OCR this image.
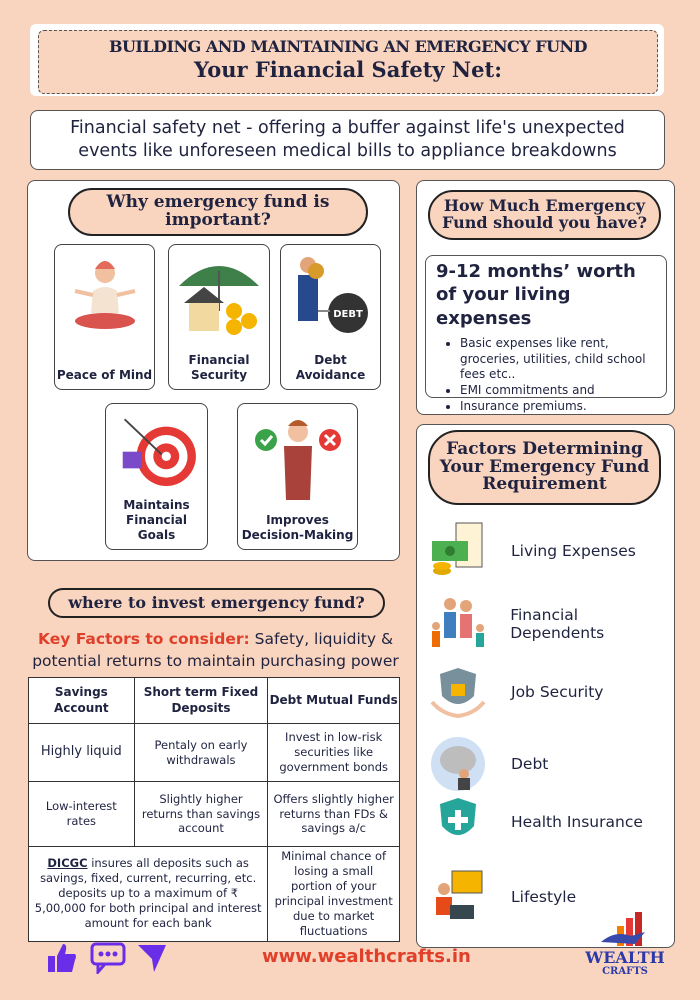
BUILDING AND MAINTAINING AN EMERGENCY FUND
Your Financial Safety Net:
Financial safety net - offering a buffer against life's unexpected events like unforeseen medical bills to appliance breakdowns
Why emergency fund is important?
Peace of Mind
Financial Security
DEBT
Debt Avoidance
Maintains Financial Goals
Improves Decision-Making
How Much Emergency Fund should you have?
9-12 months’ worth of your living expenses
• Basic expenses like rent, groceries, utilities, child school fees etc..
• EMI commitments and
• Insurance premiums.
Factors Determining Your Emergency Fund Requirement
Living Expenses
Financial Dependents
Job Security
Debt
Health Insurance
Lifestyle
where to invest emergency fund?
Key Factors to consider: Safety, liquidity & potential returns to maintain purchasing power
Savings Account	Short term Fixed Deposits	Debt Mutual Funds
Highly liquid	Pentaly on early withdrawals	Invest in low-risk securities like government bonds
Low-interest rates	Slightly higher returns than savings account	Offers slightly higher returns than FDs & savings a/c
DICGC insures all deposits such as savings, fixed, current, recurring, etc. deposits up to a maximum of ₹ 5,00,000 for both principal and interest amount for each bank		Minimal chance of losing a small portion of your principal investment due to market fluctuations
www.wealthcrafts.in	WEALTH
CRAFTS
